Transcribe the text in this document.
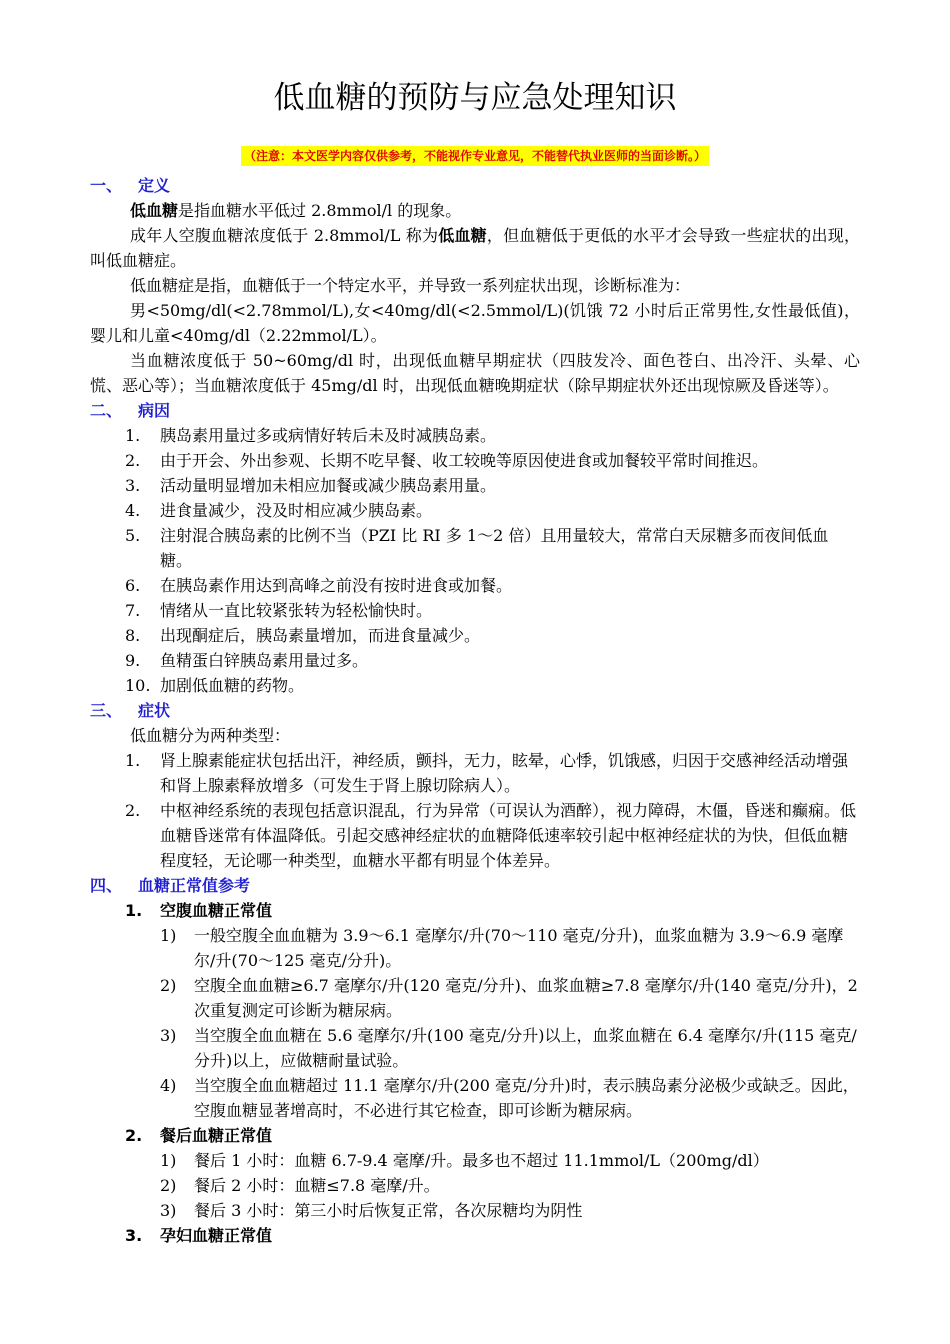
低血糖的预防与应急处理知识
（注意：本文医学内容仅供参考，不能视作专业意见，不能替代执业医师的当面诊断。）
一、 定义
低血糖是指血糖水平低过 2.8mmol/l 的现象。
成年人空腹血糖浓度低于 2.8mmol/L 称为低血糖，但血糖低于更低的水平才会导致一些症状的出现，叫低血糖症。
低血糖症是指，血糖低于一个特定水平，并导致一系列症状出现，诊断标准为：
男<50mg/dl(<2.78mmol/L),女<40mg/dl(<2.5mmol/L)(饥饿 72 小时后正常男性,女性最低值)，婴儿和儿童<40mg/dl（2.22mmol/L）。
当血糖浓度低于 50~60mg/dl 时，出现低血糖早期症状（四肢发冷、面色苍白、出冷汗、头晕、心慌、恶心等）；当血糖浓度低于 45mg/dl 时，出现低血糖晚期症状（除早期症状外还出现惊厥及昏迷等）。
二、 病因
1.	胰岛素用量过多或病情好转后未及时减胰岛素。
2.	由于开会、外出参观、长期不吃早餐、收工较晚等原因使进食或加餐较平常时间推迟。
3.	活动量明显增加未相应加餐或减少胰岛素用量。
4.	进食量减少，没及时相应减少胰岛素。
5.	注射混合胰岛素的比例不当（PZI 比 RI 多 1～2 倍）且用量较大，常常白天尿糖多而夜间低血糖。
6.	在胰岛素作用达到高峰之前没有按时进食或加餐。
7.	情绪从一直比较紧张转为轻松愉快时。
8.	出现酮症后，胰岛素量增加，而进食量减少。
9.	鱼精蛋白锌胰岛素用量过多。
10. 加剧低血糖的药物。
三、 症状
低血糖分为两种类型：
1.	肾上腺素能症状包括出汗，神经质，颤抖，无力，眩晕，心悸，饥饿感，归因于交感神经活动增强和肾上腺素释放增多（可发生于肾上腺切除病人）。
2.	中枢神经系统的表现包括意识混乱，行为异常（可误认为酒醉），视力障碍，木僵，昏迷和癫痫。低血糖昏迷常有体温降低。引起交感神经症状的血糖降低速率较引起中枢神经症状的为快，但低血糖程度轻，无论哪一种类型，血糖水平都有明显个体差异。
四、 血糖正常值参考
1.	空腹血糖正常值
1)	一般空腹全血血糖为 3.9～6.1 毫摩尔/升(70～110 毫克/分升)，血浆血糖为 3.9～6.9 毫摩尔/升(70～125 毫克/分升)。
2)	空腹全血血糖≥6.7 毫摩尔/升(120 毫克/分升)、血浆血糖≥7.8 毫摩尔/升(140 毫克/分升)，2 次重复测定可诊断为糖尿病。
3)	当空腹全血血糖在 5.6 毫摩尔/升(100 毫克/分升)以上，血浆血糖在 6.4 毫摩尔/升(115 毫克/分升)以上，应做糖耐量试验。
4)	当空腹全血血糖超过 11.1 毫摩尔/升(200 毫克/分升)时，表示胰岛素分泌极少或缺乏。因此，空腹血糖显著增高时，不必进行其它检查，即可诊断为糖尿病。
2.	餐后血糖正常值
1)	餐后 1 小时：血糖 6.7-9.4 毫摩/升。最多也不超过 11.1mmol/L（200mg/dl）
2)	餐后 2 小时：血糖≤7.8 毫摩/升。
3)	餐后 3 小时：第三小时后恢复正常，各次尿糖均为阴性
3.	孕妇血糖正常值
